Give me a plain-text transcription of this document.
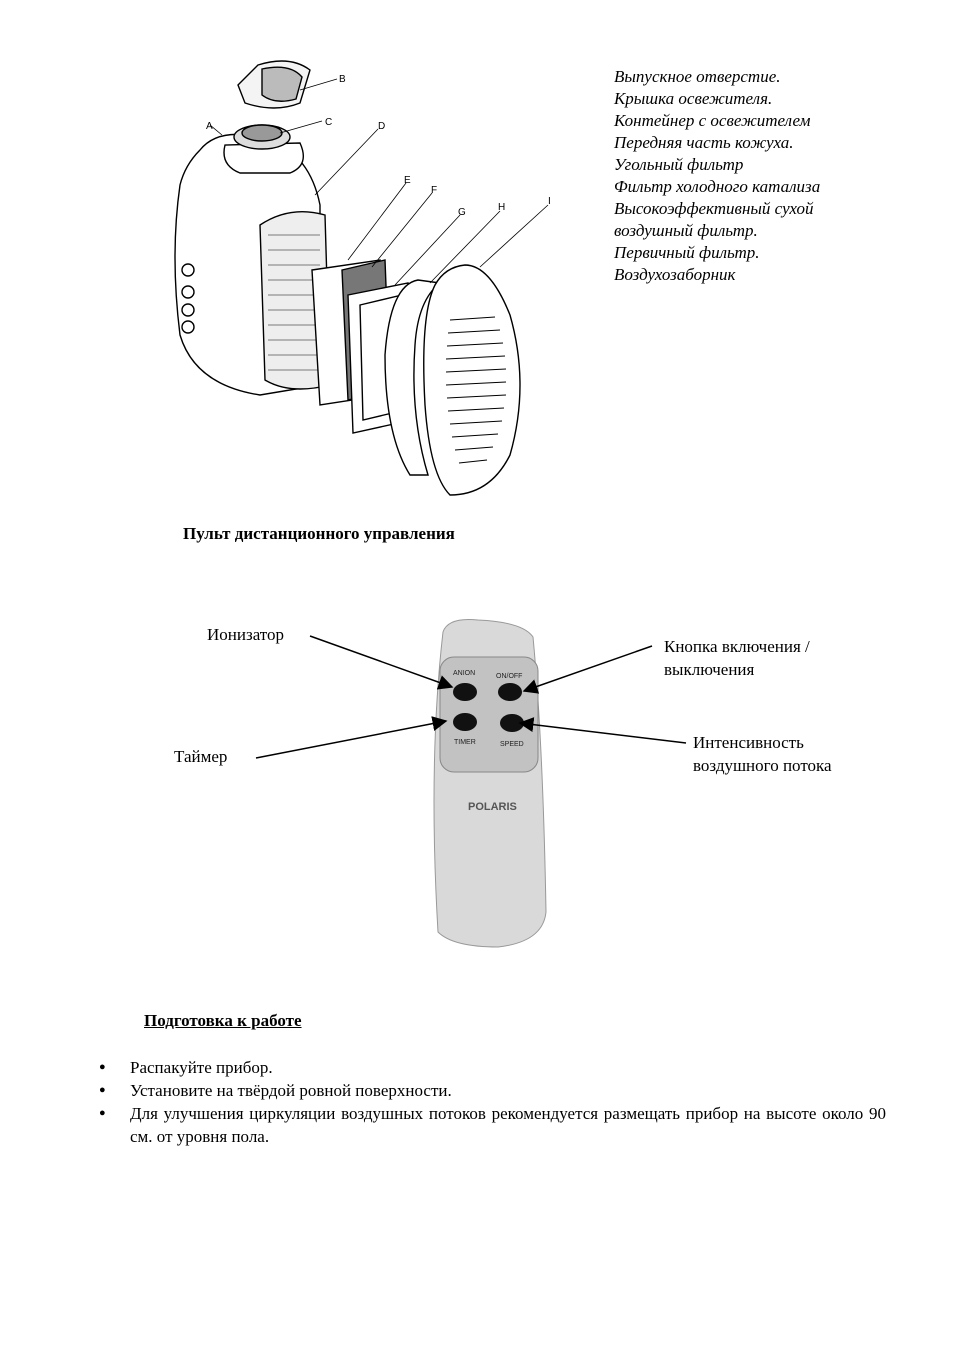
A
B
C	D
E
F
G	H
I
Выпускное отверстие.
Крышка освежителя.
Контейнер с освежителем
Передняя часть кожуха.
Угольный фильтр
Фильтр холодного катализа
Высокоэффективный сухой
воздушный фильтр.
Первичный фильтр.
Воздухозаборник
Пульт дистанционного управления
ANION	ON/OFF
TIMER	SPEED
POLARIS
Ионизатор
Кнопка включения /
выключения
Таймер
Интенсивность
воздушного потока
Подготовка к работе
● Распакуйте прибор.
● Установите на твёрдой ровной поверхности.
● Для улучшения циркуляции воздушных потоков рекомендуется размещать прибор на высоте около 90 см. от уровня пола.
